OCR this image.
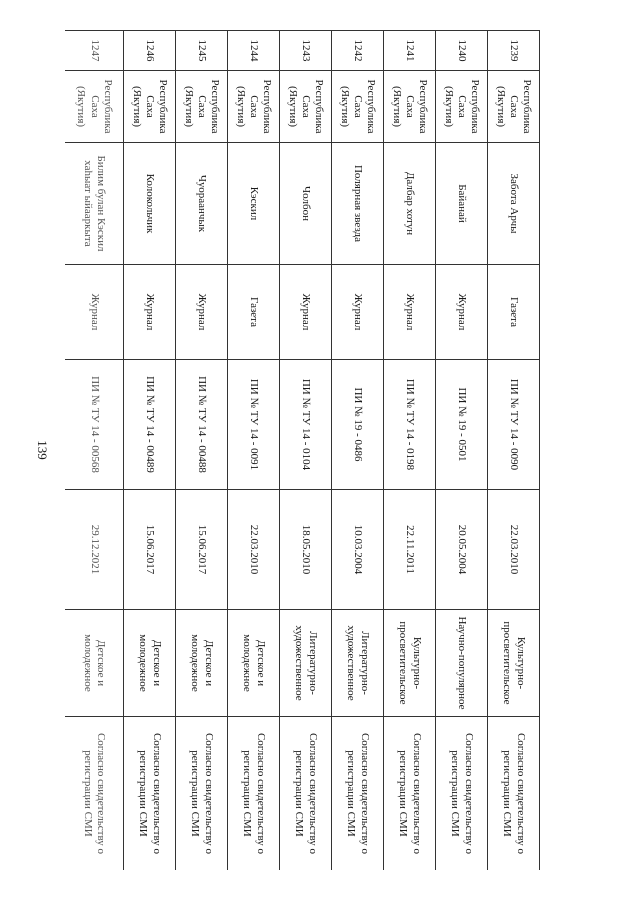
139
1239	Республика Саха (Якутия)	Забота Арчы	Газета	ПИ № ТУ 14 - 0090	22.03.2010	Культурно-просветительское	Согласно свидетельству о регистрации СМИ
1240	Республика Саха (Якутия)	Байанай	Журнал	ПИ № 19 - 0501	20.05.2004	Научно-популярное	Согласно свидетельству о регистрации СМИ
1241	Республика Саха (Якутия)	Далбар хотун	Журнал	ПИ № ТУ 14 - 0198	22.11.2011	Культурно-просветительское	Согласно свидетельству о регистрации СМИ
1242	Республика Саха (Якутия)	Полярная звезда	Журнал	ПИ № 19 - 0486	10.03.2004	Литературно-художественное	Согласно свидетельству о регистрации СМИ
1243	Республика Саха (Якутия)	Чолбон	Журнал	ПИ № ТУ 14 - 0104	18.05.2010	Литературно-художественное	Согласно свидетельству о регистрации СМИ
1244	Республика Саха (Якутия)	Кэскил	Газета	ПИ № ТУ 14 - 0091	22.03.2010	Детское и молодежное	Согласно свидетельству о регистрации СМИ
1245	Республика Саха (Якутия)	Чуораанчык	Журнал	ПИ № ТУ 14 - 00488	15.06.2017	Детское и молодежное	Согласно свидетельству о регистрации СМИ
1246	Республика Саха (Якутия)	Колокольчик	Журнал	ПИ № ТУ 14 - 00489	15.06.2017	Детское и молодежное	Согласно свидетельству о регистрации СМИ
1247	Республика Саха (Якутия)	Билим булан Кэскил хаһыат ыйааркыта	Журнал	ПИ № ТУ 14 - 00568	29.12.2021	Детское и молодежное	Согласно свидетельству о регистрации СМИ
